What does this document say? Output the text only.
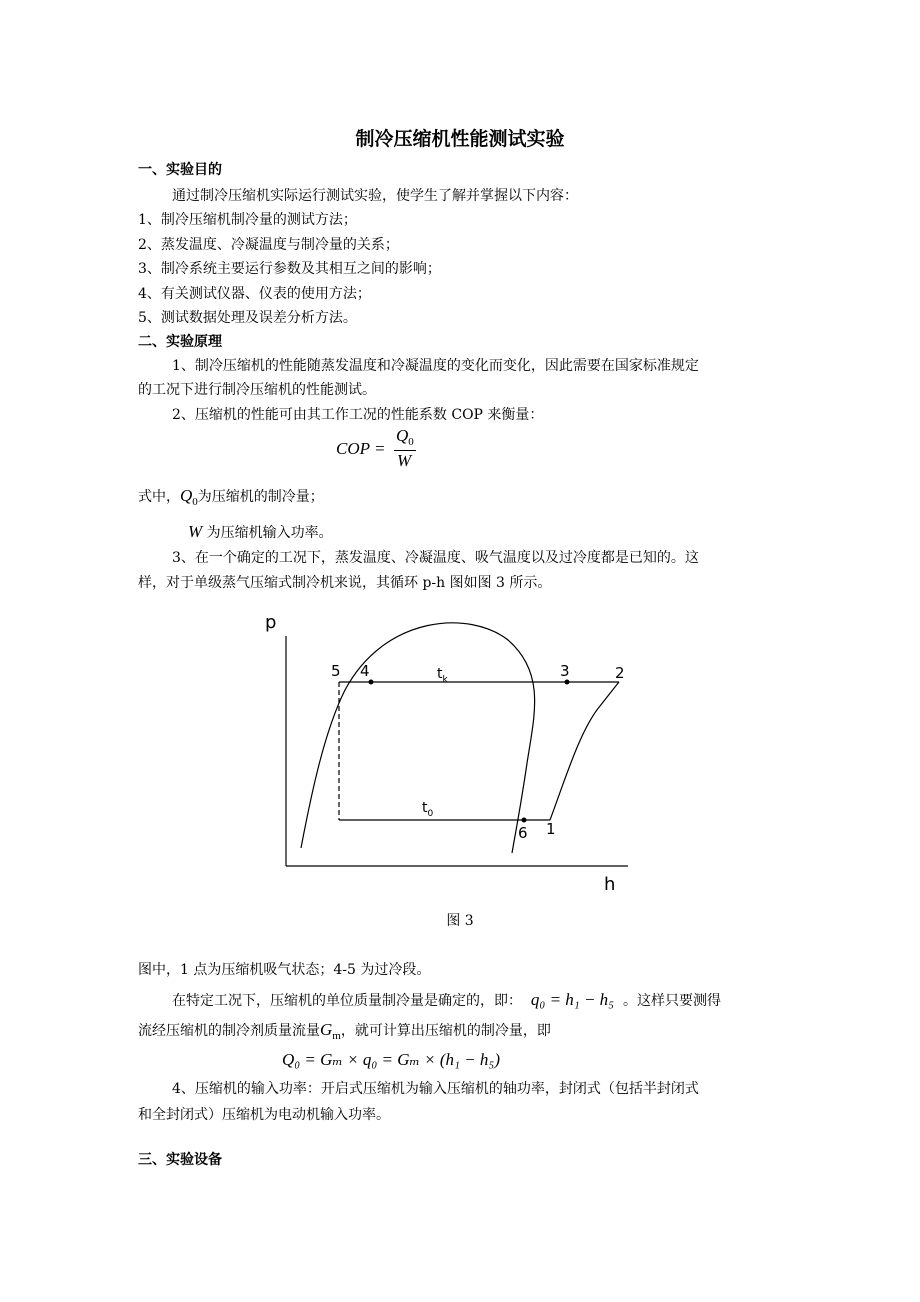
制冷压缩机性能测试实验
一、实验目的
通过制冷压缩机实际运行测试实验，使学生了解并掌握以下内容：
1、制冷压缩机制冷量的测试方法；
2、蒸发温度、冷凝温度与制冷量的关系；
3、制冷系统主要运行参数及其相互之间的影响；
4、有关测试仪器、仪表的使用方法；
5、测试数据处理及误差分析方法。
二、实验原理
1、制冷压缩机的性能随蒸发温度和冷凝温度的变化而变化，因此需要在国家标准规定
的工况下进行制冷压缩机的性能测试。
2、压缩机的性能可由其工作工况的性能系数 COP 来衡量：
COP =
$Q_0$
W
式中，$Q_0$为压缩机的制冷量；
W 为压缩机输入功率。
3、在一个确定的工况下，蒸发温度、冷凝温度、吸气温度以及过冷度都是已知的。这
样，对于单级蒸气压缩式制冷机来说，其循环 p-h 图如图 3 所示。
p
h
5 4	3	2
6 1
$t_k$
$t_0$
图 3
图中，1 点为压缩机吸气状态；4-5 为过冷段。
在特定工况下，压缩机的单位质量制冷量是确定的，即： q₀ = h₁ − h₅ 。这样只要测得
流经压缩机的制冷剂质量流量$G_m$，就可计算出压缩机的制冷量，即
Q₀ = Gₘ × q₀ = Gₘ × (h₁ − h₅)
4、压缩机的输入功率：开启式压缩机为输入压缩机的轴功率，封闭式（包括半封闭式
和全封闭式）压缩机为电动机输入功率。
三、实验设备
